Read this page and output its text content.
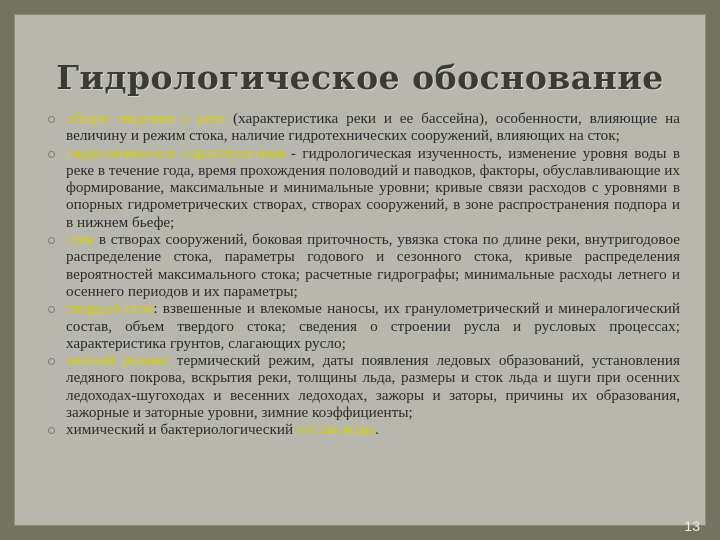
Гидрологическое обоснование
общие сведения о реке (характеристика реки и ее бассейна), особенности, влияющие на величину и режим стока, наличие гидротехнических сооружений, влияющих на сток;
гидрологические характеристики - гидрологическая изученность, изменение уровня воды в реке в течение года, время прохождения половодий и паводков, факторы, обуславливающие их формирование, максимальные и минимальные уровни; кривые связи расходов с уровнями в опорных гидрометрических створах, створах сооружений, в зоне распространения подпора и в нижнем бьефе;
сток в створах сооружений, боковая приточность, увязка стока по длине реки, внутригодовое распределение стока, параметры годового и сезонного стока, кривые распределения вероятностей максимального стока; расчетные гидрографы; минимальные расходы летнего и осеннего периодов и их параметры;
твердый сток: взвешенные и влекомые наносы, их гранулометрический и минералогический состав, объем твердого стока; сведения о строении русла и русловых процессах; характеристика грунтов, слагающих русло;
зимний режим: термический режим, даты появления ледовых образований, установления ледяного покрова, вскрытия реки, толщины льда, размеры и сток льда и шуги при осенних ледоходах-шугоходах и весенних ледоходах, зажоры и заторы, причины их образования, зажорные и заторные уровни, зимние коэффициенты;
химический и бактериологический состав воды.
13
